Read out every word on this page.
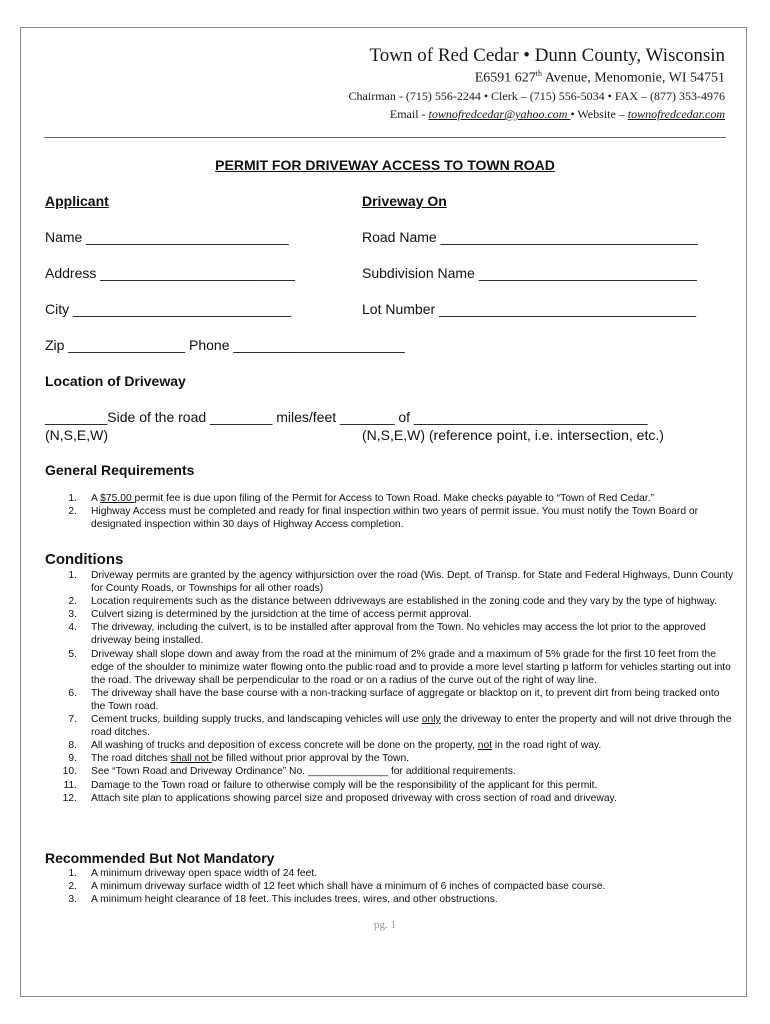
Town of Red Cedar • Dunn County, Wisconsin
E6591 627th Avenue, Menomonie, WI 54751
Chairman - (715) 556-2244 • Clerk – (715) 556-5034 • FAX – (877) 353-4976
Email - townofredcedar@yahoo.com • Website – townofredcedar.com
PERMIT FOR DRIVEWAY ACCESS TO TOWN ROAD
Applicant	Driveway On
Name __________________________	Road Name _________________________________
Address _________________________	Subdivision Name ____________________________
City ____________________________	Lot Number _________________________________
Zip _______________ Phone ______________________
Location of Driveway
________Side of the road ________ miles/feet _______ of ______________________________
(N,S,E,W)	(N,S,E,W) (reference point, i.e. intersection, etc.)
General Requirements
1. A $75.00 permit fee is due upon filing of the Permit for Access to Town Road. Make checks payable to “Town of Red Cedar.”
2. Highway Access must be completed and ready for final inspection within two years of permit issue. You must notify the Town Board or designated inspection within 30 days of Highway Access completion.
Conditions
1. Driveway permits are granted by the agency withjursiction over the road (Wis. Dept. of Transp. for State and Federal Highways, Dunn County for County Roads, or Townships for all other roads)
2. Location requirements such as the distance between ddriveways are established in the zoning code and they vary by the type of highway.
3. Culvert sizing is determined by the jursidction at the time of access permit approval.
4. The driveway, including the culvert, is to be installed after approval from the Town. No vehicles may access the lot prior to the approved driveway being installed.
5. Driveway shall slope down and away from the road at the minimum of 2% grade and a maximum of 5% grade for the first 10 feet from the edge of the shoulder to minimize water flowing onto the public road and to provide a more level starting p latform for vehicles starting out into the road. The driveway shall be perpendicular to the road or on a radius of the curve out of the right of way line.
6. The driveway shall have the base course with a non-tracking surface of aggregate or blacktop on it, to prevent dirt from being tracked onto the Town road.
7. Cement trucks, building supply trucks, and landscaping vehicles will use only the driveway to enter the property and will not drive through the road ditches.
8. All washing of trucks and deposition of excess concrete will be done on the property, not in the road right of way.
9. The road ditches shall not be filled without prior approval by the Town.
10. See “Town Road and Driveway Ordinance” No. ______________ for additional requirements.
11. Damage to the Town road or failure to otherwise comply will be the responsibility of the applicant for this permit.
12. Attach site plan to applications showing parcel size and proposed driveway with cross section of road and driveway.
Recommended But Not Mandatory
1. A minimum driveway open space width of 24 feet.
2. A minimum driveway surface width of 12 feet which shall have a minimum of 6 inches of compacted base course.
3. A minimum height clearance of 18 feet. This includes trees, wires, and other obstructions.
pg. 1
